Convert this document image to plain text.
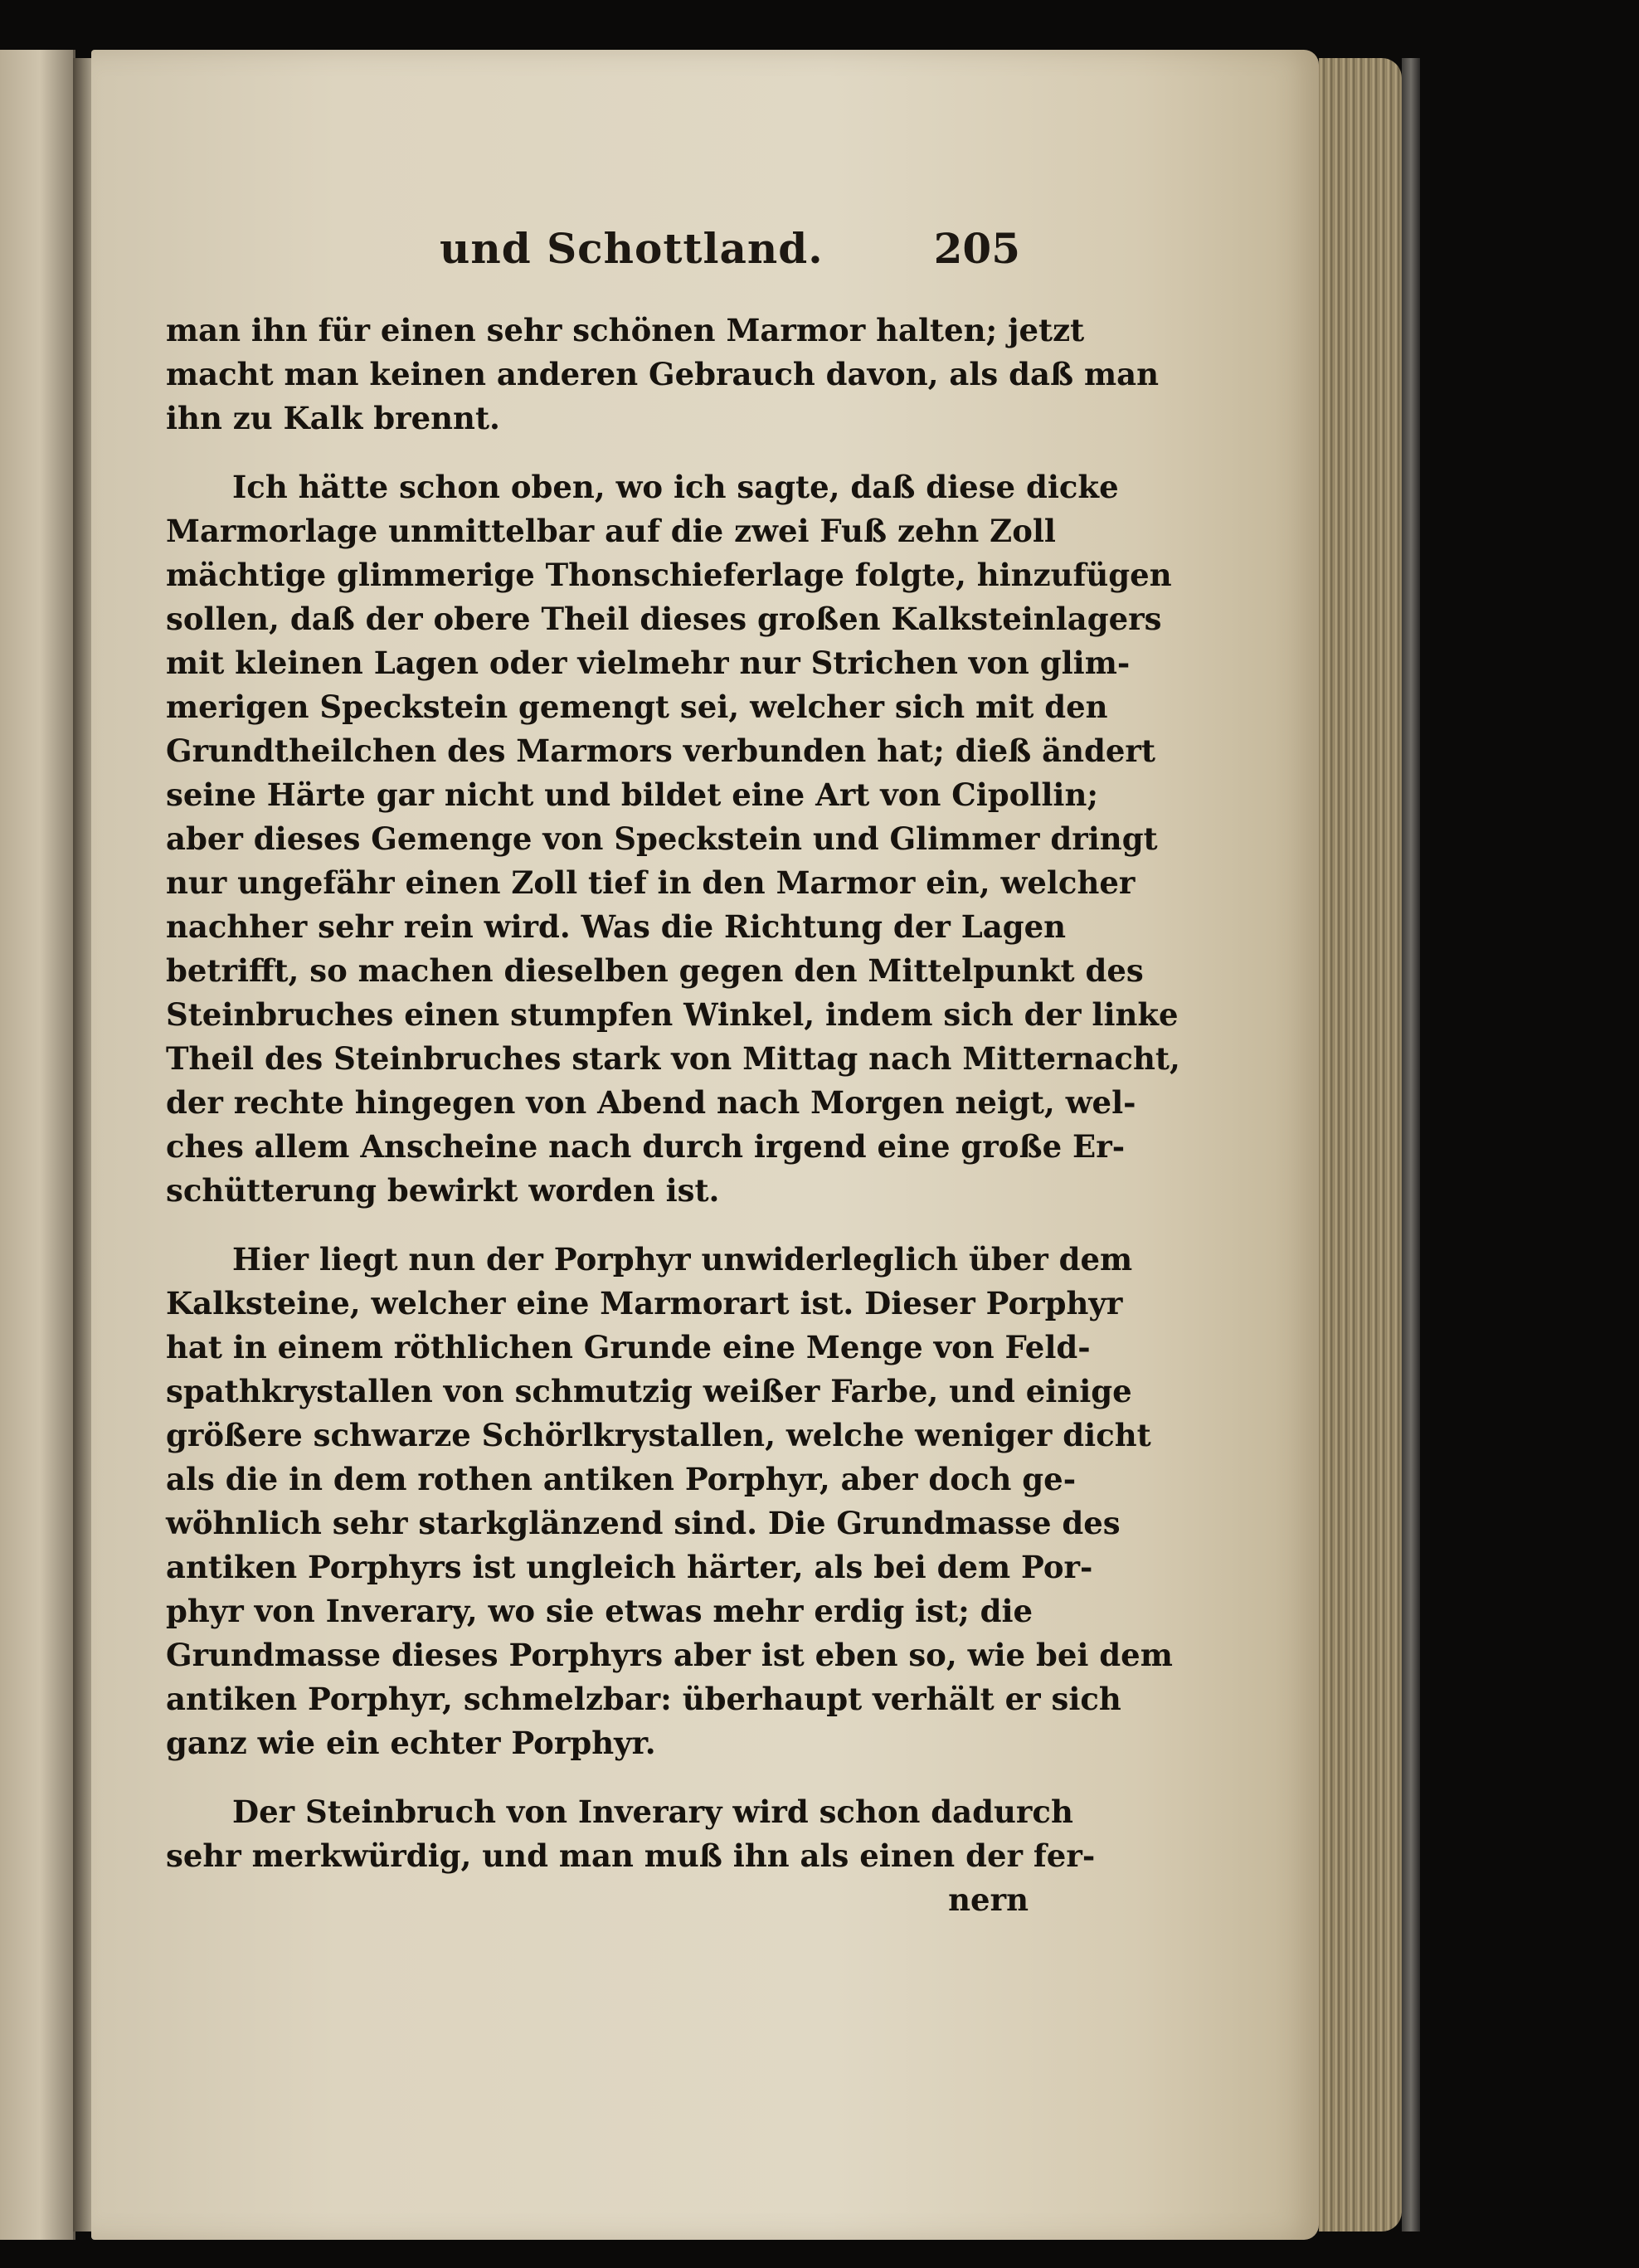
und Schottland.	205
man ihn für einen sehr schönen Marmor halten; jetzt
macht man keinen anderen Gebrauch davon, als daß man
ihn zu Kalk brennt.
Ich hätte schon oben, wo ich sagte, daß diese dicke
Marmorlage unmittelbar auf die zwei Fuß zehn Zoll
mächtige glimmerige Thonschieferlage folgte, hinzufügen
sollen, daß der obere Theil dieses großen Kalksteinlagers
mit kleinen Lagen oder vielmehr nur Strichen von glim-
merigen Speckstein gemengt sei, welcher sich mit den
Grundtheilchen des Marmors verbunden hat; dieß ändert
seine Härte gar nicht und bildet eine Art von Cipollin;
aber dieses Gemenge von Speckstein und Glimmer dringt
nur ungefähr einen Zoll tief in den Marmor ein, welcher
nachher sehr rein wird. Was die Richtung der Lagen
betrifft, so machen dieselben gegen den Mittelpunkt des
Steinbruches einen stumpfen Winkel, indem sich der linke
Theil des Steinbruches stark von Mittag nach Mitternacht,
der rechte hingegen von Abend nach Morgen neigt, wel-
ches allem Anscheine nach durch irgend eine große Er-
schütterung bewirkt worden ist.
Hier liegt nun der Porphyr unwiderleglich über dem
Kalksteine, welcher eine Marmorart ist. Dieser Porphyr
hat in einem röthlichen Grunde eine Menge von Feld-
spathkrystallen von schmutzig weißer Farbe, und einige
größere schwarze Schörlkrystallen, welche weniger dicht
als die in dem rothen antiken Porphyr, aber doch ge-
wöhnlich sehr starkglänzend sind. Die Grundmasse des
antiken Porphyrs ist ungleich härter, als bei dem Por-
phyr von Inverary, wo sie etwas mehr erdig ist; die
Grundmasse dieses Porphyrs aber ist eben so, wie bei dem
antiken Porphyr, schmelzbar: überhaupt verhält er sich
ganz wie ein echter Porphyr.
Der Steinbruch von Inverary wird schon dadurch
sehr merkwürdig, und man muß ihn als einen der fer-
nern
